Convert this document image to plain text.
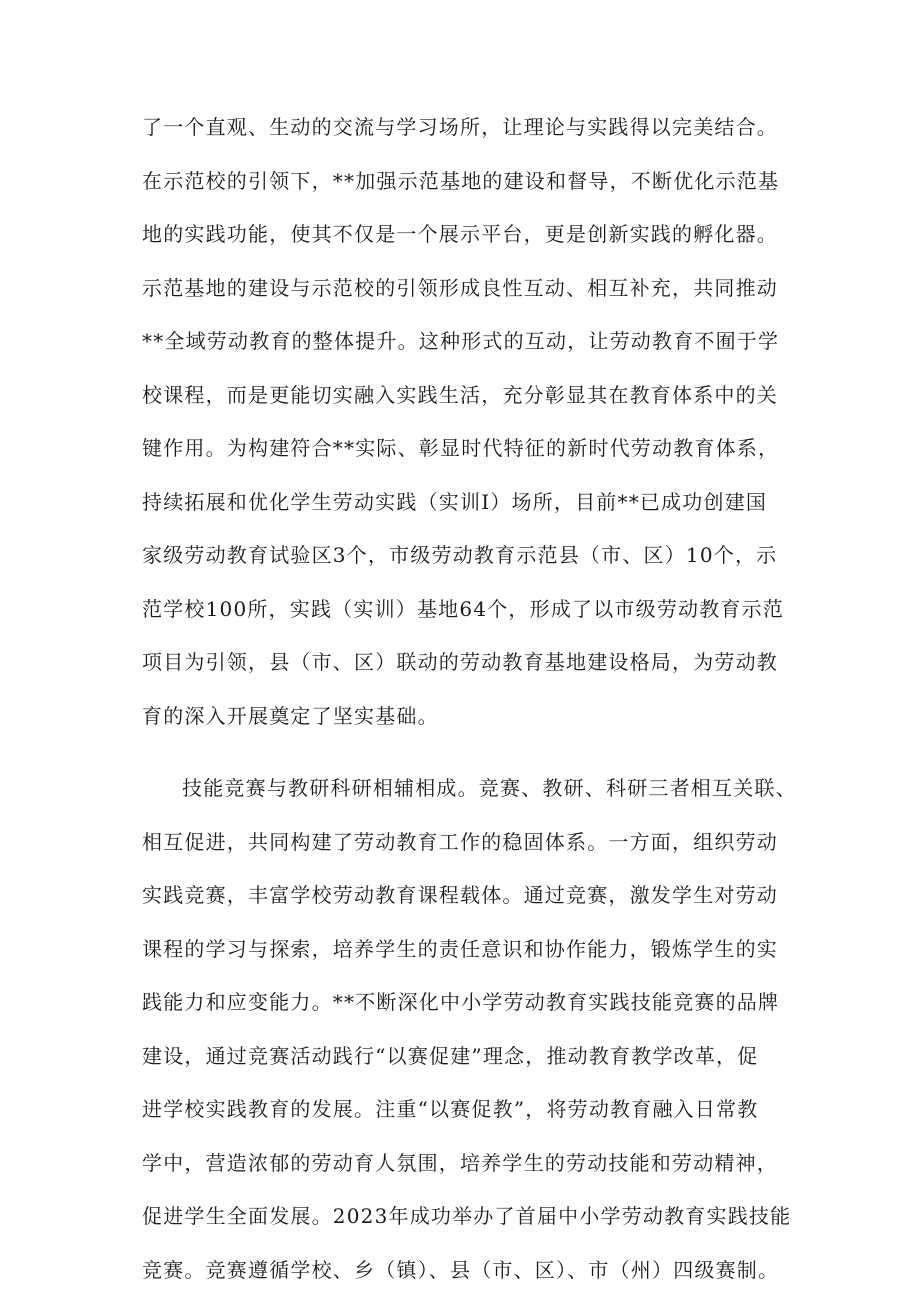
了一个直观、生动的交流与学习场所，让理论与实践得以完美结合。
在示范校的引领下，**加强示范基地的建设和督导，不断优化示范基
地的实践功能，使其不仅是一个展示平台，更是创新实践的孵化器。
示范基地的建设与示范校的引领形成良性互动、相互补充，共同推动
**全域劳动教育的整体提升。这种形式的互动，让劳动教育不囿于学
校课程，而是更能切实融入实践生活，充分彰显其在教育体系中的关
键作用。为构建符合**实际、彰显时代特征的新时代劳动教育体系，
持续拓展和优化学生劳动实践（实训I）场所，目前**已成功创建国
家级劳动教育试验区3个，市级劳动教育示范县（市、区）10个，示
范学校100所，实践（实训）基地64个，形成了以市级劳动教育示范
项目为引领，县（市、区）联动的劳动教育基地建设格局，为劳动教
育的深入开展奠定了坚实基础。
技能竞赛与教研科研相辅相成。竞赛、教研、科研三者相互关联、
相互促进，共同构建了劳动教育工作的稳固体系。一方面，组织劳动
实践竞赛，丰富学校劳动教育课程载体。通过竞赛，激发学生对劳动
课程的学习与探索，培养学生的责任意识和协作能力，锻炼学生的实
践能力和应变能力。**不断深化中小学劳动教育实践技能竞赛的品牌
建设，通过竞赛活动践行“以赛促建”理念，推动教育教学改革，促
进学校实践教育的发展。注重“以赛促教”，将劳动教育融入日常教
学中，营造浓郁的劳动育人氛围，培养学生的劳动技能和劳动精神，
促进学生全面发展。2023年成功举办了首届中小学劳动教育实践技能
竞赛。竞赛遵循学校、乡（镇）、县（市、区）、市（州）四级赛制。
